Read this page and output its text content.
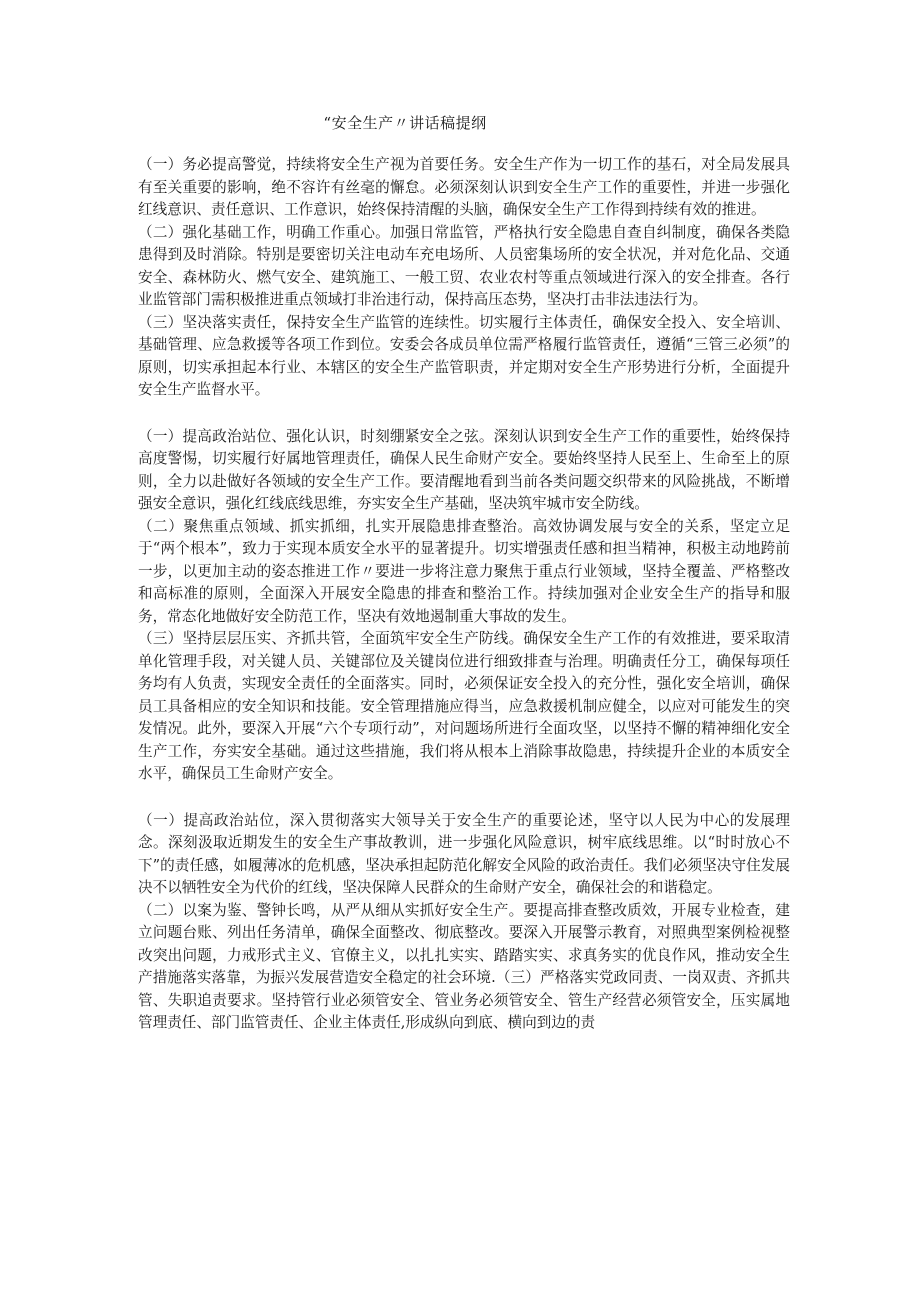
“安全生产〃讲话稿提纲

（一）务必提高警觉，持续将安全生产视为首要任务。安全生产作为一切工作的基石，对全局发展具有至关重要的影响，绝不容许有丝毫的懈怠。必须深刻认识到安全生产工作的重要性，并进一步强化红线意识、责任意识、工作意识，始终保持清醒的头脑，确保安全生产工作得到持续有效的推进。

（二）强化基础工作，明确工作重心。加强日常监管，严格执行安全隐患自查自纠制度，确保各类隐患得到及时消除。特别是要密切关注电动车充电场所、人员密集场所的安全状况，并对危化品、交通安全、森林防火、燃气安全、建筑施工、一般工贸、农业农村等重点领域进行深入的安全排查。各行业监管部门需积极推进重点领域打非治违行动，保持高压态势，坚决打击非法违法行为。

（三）坚决落实责任，保持安全生产监管的连续性。切实履行主体责任，确保安全投入、安全培训、基础管理、应急救援等各项工作到位。安委会各成员单位需严格履行监管责任，遵循“三管三必须”的原则，切实承担起本行业、本辖区的安全生产监管职责，并定期对安全生产形势进行分析，全面提升安全生产监督水平。

（一）提高政治站位、强化认识，时刻绷紧安全之弦。深刻认识到安全生产工作的重要性，始终保持高度警惕，切实履行好属地管理责任，确保人民生命财产安全。要始终坚持人民至上、生命至上的原则，全力以赴做好各领域的安全生产工作。要清醒地看到当前各类问题交织带来的风险挑战，不断增强安全意识，强化红线底线思维，夯实安全生产基础，坚决筑牢城市安全防线。

（二）聚焦重点领域、抓实抓细，扎实开展隐患排查整治。高效协调发展与安全的关系，坚定立足于“两个根本”，致力于实现本质安全水平的显著提升。切实增强责任感和担当精神，积极主动地跨前一步，以更加主动的姿态推进工作〃要进一步将注意力聚焦于重点行业领域，坚持全覆盖、严格整改和高标准的原则，全面深入开展安全隐患的排查和整治工作。持续加强对企业安全生产的指导和服务，常态化地做好安全防范工作，坚决有效地遏制重大事故的发生。

（三）坚持层层压实、齐抓共管，全面筑牢安全生产防线。确保安全生产工作的有效推进，要采取清单化管理手段，对关键人员、关键部位及关键岗位进行细致排查与治理。明确责任分工，确保每项任务均有人负责，实现安全责任的全面落实。同时，必须保证安全投入的充分性，强化安全培训，确保员工具备相应的安全知识和技能。安全管理措施应得当，应急救援机制应健全，以应对可能发生的突发情况。此外，要深入开展“六个专项行动”，对问题场所进行全面攻坚，以坚持不懈的精神细化安全生产工作，夯实安全基础。通过这些措施，我们将从根本上消除事故隐患，持续提升企业的本质安全水平，确保员工生命财产安全。

（一）提高政治站位，深入贯彻落实大领导关于安全生产的重要论述，坚守以人民为中心的发展理念。深刻汲取近期发生的安全生产事故教训，进一步强化风险意识，树牢底线思维。以“时时放心不下”的责任感，如履薄冰的危机感，坚决承担起防范化解安全风险的政治责任。我们必须坚决守住发展决不以牺牲安全为代价的红线，坚决保障人民群众的生命财产安全，确保社会的和谐稳定。

（二）以案为鉴、警钟长鸣，从严从细从实抓好安全生产。要提高排查整改质效，开展专业检查，建立问题台账、列出任务清单，确保全面整改、彻底整改。要深入开展警示教育，对照典型案例检视整改突出问题，力戒形式主义、官僚主义，以扎扎实实、踏踏实实、求真务实的优良作风，推动安全生产措施落实落靠，为振兴发展营造安全稳定的社会环境.（三）严格落实党政同责、一岗双责、齐抓共管、失职追责要求。坚持管行业必须管安全、管业务必须管安全、管生产经营必须管安全，压实属地管理责任、部门监管责任、企业主体责任,形成纵向到底、横向到边的责
